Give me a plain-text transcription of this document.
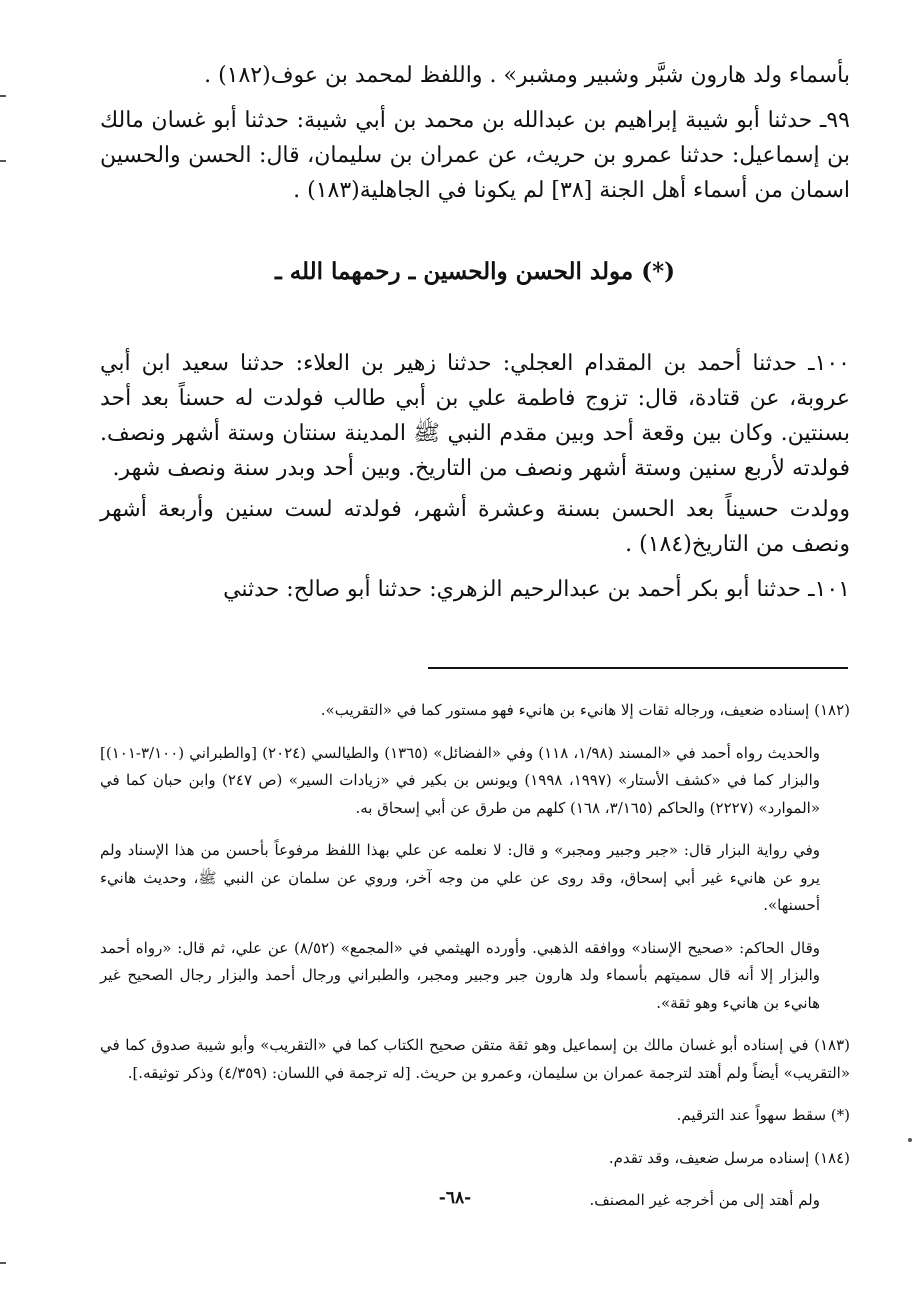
بأسماء ولد هارون شبَّر وشبير ومشبر» . واللفظ لمحمد بن عوف(١٨٢) .

٩٩ـ حدثنا أبو شيبة إبراهيم بن عبدالله بن محمد بن أبي شيبة: حدثنا أبو غسان مالك بن إسماعيل: حدثنا عمرو بن حريث، عن عمران بن سليمان، قال: الحسن والحسين اسمان من أسماء أهل الجنة [٣٨] لم يكونا في الجاهلية(١٨٣) .

(*) مولد الحسن والحسين ـ رحمهما الله ـ

١٠٠ـ حدثنا أحمد بن المقدام العجلي: حدثنا زهير بن العلاء: حدثنا سعيد ابن أبي عروبة، عن قتادة، قال: تزوج فاطمة علي بن أبي طالب فولدت له حسناً بعد أحد بسنتين. وكان بين وقعة أحد وبين مقدم النبي ﷺ المدينة سنتان وستة أشهر ونصف. فولدته لأربع سنين وستة أشهر ونصف من التاريخ. وبين أحد وبدر سنة ونصف شهر.

وولدت حسيناً بعد الحسن بسنة وعشرة أشهر، فولدته لست سنين وأربعة أشهر ونصف من التاريخ(١٨٤) .

١٠١ـ حدثنا أبو بكر أحمد بن عبدالرحيم الزهري: حدثنا أبو صالح: حدثني

(١٨٢) إسناده ضعيف، ورجاله ثقات إلا هانيء بن هانيء فهو مستور كما في «التقريب».

والحديث رواه أحمد في «المسند (١/٩٨، ١١٨) وفي «الفضائل» (١٣٦٥) والطيالسي (٢٠٢٤) [والطبراني (٣/١٠٠-١٠١)] والبزار كما في «كشف الأستار» (١٩٩٧، ١٩٩٨) ويونس بن بكير في «زيادات السير» (ص ٢٤٧) وابن حبان كما في «الموارد» (٢٢٢٧) والحاكم (٣/١٦٥، ١٦٨) كلهم من طرق عن أبي إسحاق به.

وفي رواية البزار قال: «جبر وجبير ومجبر» و قال: لا نعلمه عن علي بهذا اللفظ مرفوعاً بأحسن من هذا الإسناد ولم يرو عن هانيء غير أبي إسحاق، وقد روى عن علي من وجه آخر، وروي عن سلمان عن النبي ﷺ، وحديث هانيء أحسنها».

وقال الحاكم: «صحيح الإسناد» ووافقه الذهبي. وأورده الهيثمي في «المجمع» (٨/٥٢) عن علي، ثم قال: «رواه أحمد والبزار إلا أنه قال سميتهم بأسماء ولد هارون جبر وجبير ومجبر، والطبراني ورجال أحمد والبزار رجال الصحيح غير هانيء بن هانيء وهو ثقة».

(١٨٣) في إسناده أبو غسان مالك بن إسماعيل وهو ثقة متقن صحيح الكتاب كما في «التقريب» وأبو شيبة صدوق كما في «التقريب» أيضاً ولم أهتد لترجمة عمران بن سليمان، وعمرو بن حريث. [له ترجمة في اللسان: (٤/٣٥٩) وذكر توثيقه.].

(*) سقط سهواً عند الترقيم.

(١٨٤) إسناده مرسل ضعيف، وقد تقدم.

ولم أهتد إلى من أخرجه غير المصنف.

-٦٨-
